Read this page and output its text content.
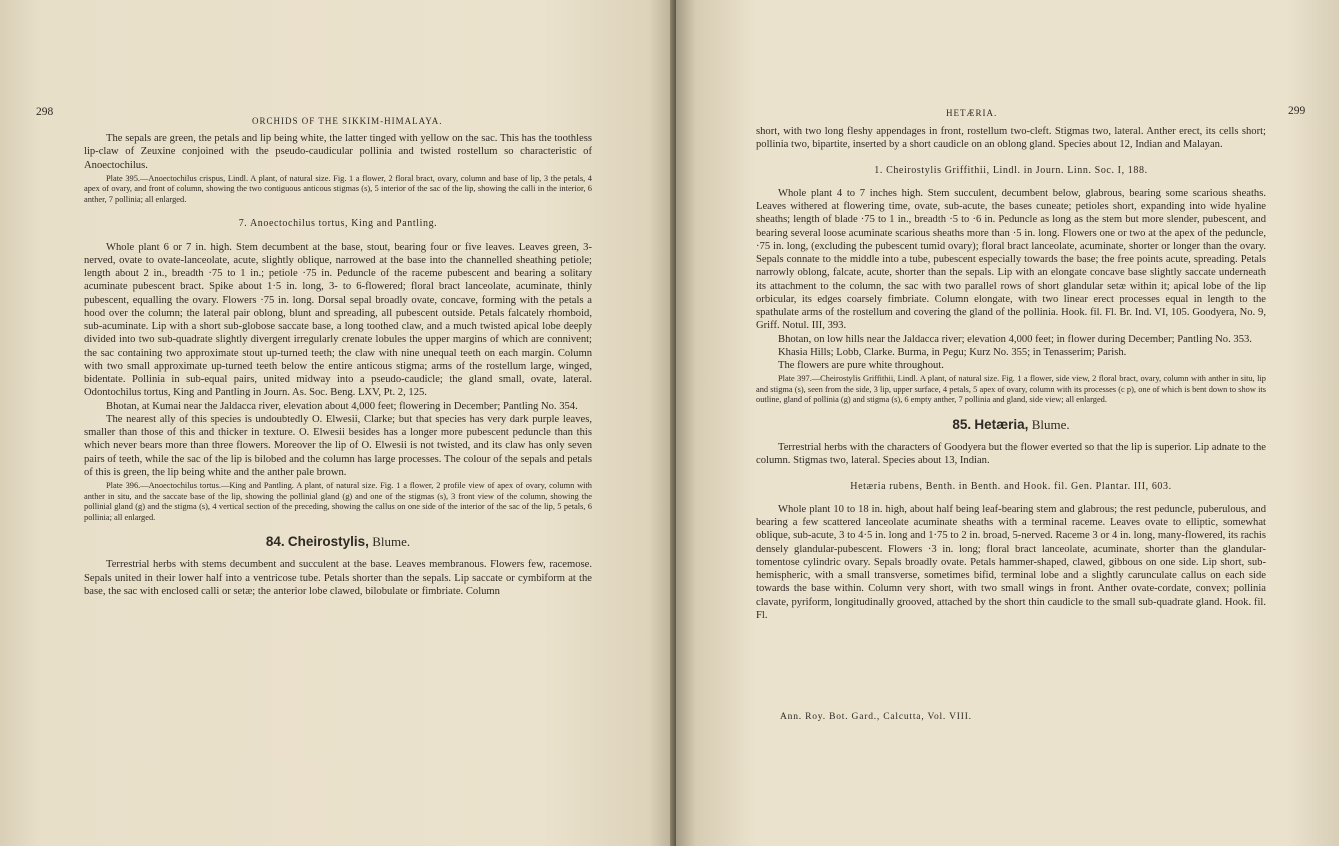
298
ORCHIDS OF THE SIKKIM-HIMALAYA.

The sepals are green, the petals and lip being white, the latter tinged with yellow on the sac. This has the toothless lip-claw of Zeuxine conjoined with the pseudo-caudicular pollinia and twisted rostellum so characteristic of Anoectochilus.

Plate 395.—Anoectochilus crispus, Lindl. A plant, of natural size. Fig. 1 a flower, 2 floral bract, ovary, column and base of lip, 3 the petals, 4 apex of ovary, and front of column, showing the two contiguous anticous stigmas (s), 5 interior of the sac of the lip, showing the calli in the interior, 6 anther, 7 pollinia; all enlarged.

7. Anoectochilus tortus, King and Pantling.

Whole plant 6 or 7 in. high. Stem decumbent at the base, stout, bearing four or five leaves. Leaves green, 3-nerved, ovate to ovate-lanceolate, acute, slightly oblique, narrowed at the base into the channelled sheathing petiole; length about 2 in., breadth ·75 to 1 in.; petiole ·75 in. Peduncle of the raceme pubescent and bearing a solitary acuminate pubescent bract. Spike about 1·5 in. long, 3- to 6-flowered; floral bract lanceolate, acuminate, thinly pubescent, equalling the ovary. Flowers ·75 in. long. Dorsal sepal broadly ovate, concave, forming with the petals a hood over the column; the lateral pair oblong, blunt and spreading, all pubescent outside. Petals falcately rhomboid, sub-acuminate. Lip with a short sub-globose saccate base, a long toothed claw, and a much twisted apical lobe deeply divided into two sub-quadrate slightly divergent irregularly crenate lobules the upper margins of which are connivent; the sac containing two approximate stout up-turned teeth; the claw with nine unequal teeth on each margin. Column with two small approximate up-turned teeth below the entire anticous stigma; arms of the rostellum large, winged, bidentate. Pollinia in sub-equal pairs, united midway into a pseudo-caudicle; the gland small, ovate, lateral. Odontochilus tortus, King and Pantling in Journ. As. Soc. Beng. LXV, Pt. 2, 125.

Bhotan, at Kumai near the Jaldacca river, elevation about 4,000 feet; flowering in December; Pantling No. 354.

The nearest ally of this species is undoubtedly O. Elwesii, Clarke; but that species has very dark purple leaves, smaller than those of this and thicker in texture. O. Elwesii besides has a longer more pubescent peduncle than this which never bears more than three flowers. Moreover the lip of O. Elwesii is not twisted, and its claw has only seven pairs of teeth, while the sac of the lip is bilobed and the column has large processes. The colour of the sepals and petals of this is green, the lip being white and the anther pale brown.

Plate 396.—Anoectochilus tortus.—King and Pantling. A plant, of natural size. Fig. 1 a flower, 2 profile view of apex of ovary, column with anther in situ, and the saccate base of the lip, showing the pollinial gland (g) and one of the stigmas (s), 3 front view of the column, showing the pollinial gland (g) and the stigma (s), 4 vertical section of the preceding, showing the callus on one side of the interior of the sac of the lip, 5 petals, 6 pollinia; all enlarged.

84. Cheirostylis, Blume.

Terrestrial herbs with stems decumbent and succulent at the base. Leaves membranous. Flowers few, racemose. Sepals united in their lower half into a ventricose tube. Petals shorter than the sepals. Lip saccate or cymbiform at the base, the sac with enclosed calli or setæ; the anterior lobe clawed, bilobulate or fimbriate. Column

HETÆRIA.	299

short, with two long fleshy appendages in front, rostellum two-cleft. Stigmas two, lateral. Anther erect, its cells short; pollinia two, bipartite, inserted by a short caudicle on an oblong gland. Species about 12, Indian and Malayan.

1. Cheirostylis Griffithii, Lindl. in Journ. Linn. Soc. I, 188.

Whole plant 4 to 7 inches high. Stem succulent, decumbent below, glabrous, bearing some scarious sheaths. Leaves withered at flowering time, ovate, sub-acute, the bases cuneate; petioles short, expanding into wide hyaline sheaths; length of blade ·75 to 1 in., breadth ·5 to ·6 in. Peduncle as long as the stem but more slender, pubescent, and bearing several loose acuminate scarious sheaths more than ·5 in. long. Flowers one or two at the apex of the peduncle, ·75 in. long, (excluding the pubescent tumid ovary); floral bract lanceolate, acuminate, shorter or longer than the ovary. Sepals connate to the middle into a tube, pubescent especially towards the base; the free points acute, spreading. Petals narrowly oblong, falcate, acute, shorter than the sepals. Lip with an elongate concave base slightly saccate underneath its attachment to the column, the sac with two parallel rows of short glandular setæ within it; apical lobe of the lip orbicular, its edges coarsely fimbriate. Column elongate, with two linear erect processes equal in length to the spathulate arms of the rostellum and covering the gland of the pollinia. Hook. fil. Fl. Br. Ind. VI, 105. Goodyera, No. 9, Griff. Notul. III, 393.

Bhotan, on low hills near the Jaldacca river; elevation 4,000 feet; in flower during December; Pantling No. 353.

Khasia Hills; Lobb, Clarke. Burma, in Pegu; Kurz No. 355; in Tenasserim; Parish.

The flowers are pure white throughout.

Plate 397.—Cheirostylis Griffithii, Lindl. A plant, of natural size. Fig. 1 a flower, side view, 2 floral bract, ovary, column with anther in situ, lip and stigma (s), seen from the side, 3 lip, upper surface, 4 petals, 5 apex of ovary, column with its processes (c p), one of which is bent down to show its outline, gland of pollinia (g) and stigma (s), 6 empty anther, 7 pollinia and gland, side view; all enlarged.

85. Hetæria, Blume.

Terrestrial herbs with the characters of Goodyera but the flower everted so that the lip is superior. Lip adnate to the column. Stigmas two, lateral. Species about 13, Indian.

Hetæria rubens, Benth. in Benth. and Hook. fil. Gen. Plantar. III, 603.

Whole plant 10 to 18 in. high, about half being leaf-bearing stem and glabrous; the rest peduncle, puberulous, and bearing a few scattered lanceolate acuminate sheaths with a terminal raceme. Leaves ovate to elliptic, somewhat oblique, sub-acute, 3 to 4·5 in. long and 1·75 to 2 in. broad, 5-nerved. Raceme 3 or 4 in. long, many-flowered, its rachis densely glandular-pubescent. Flowers ·3 in. long; floral bract lanceolate, acuminate, shorter than the glandular-tomentose cylindric ovary. Sepals broadly ovate. Petals hammer-shaped, clawed, gibbous on one side. Lip short, sub-hemispheric, with a small transverse, sometimes bifid, terminal lobe and a slightly carunculate callus on each side towards the base within. Column very short, with two small wings in front. Anther ovate-cordate, convex; pollinia clavate, pyriform, longitudinally grooved, attached by the short thin caudicle to the small sub-quadrate gland. Hook. fil. Fl.

Ann. Roy. Bot. Gard., Calcutta, Vol. VIII.
